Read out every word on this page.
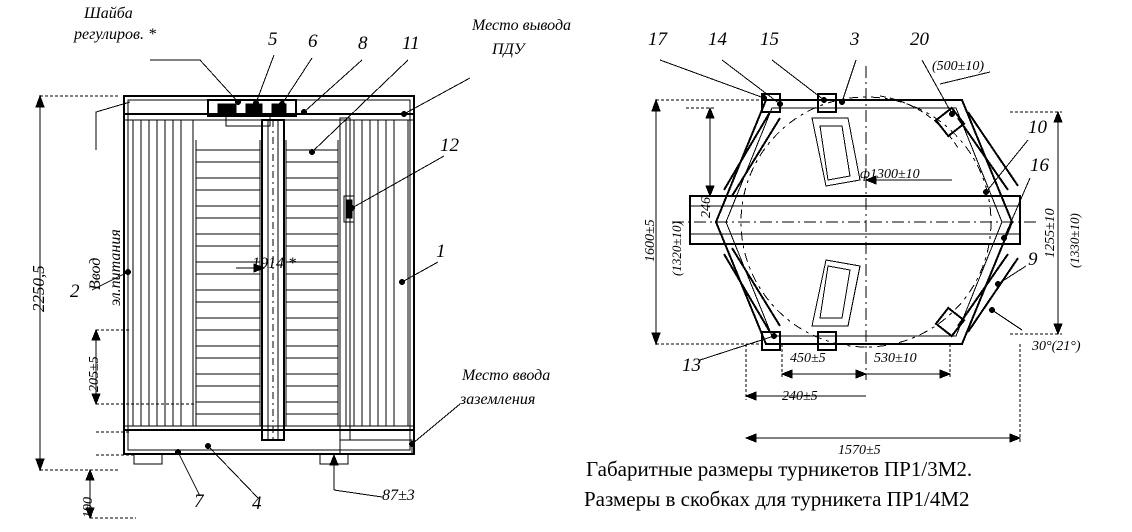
Шайба
регулиров. *
Ввод эл.питания
Место вывода
ПДУ
Место ввода
заземления
5 6 8 11
12
1
2
7	4
2250,5
205±5
190
1914 *
87±3
17 14 15	3	20
10
16
9
13
(500±10)
ф1300±10
1600±5 (1320±10)
246
1255±10 (1330±10)
450±5	530±10
240±5
1570±5
30°(21°)
Габаритные размеры турникетов ПР1/3М2.
Размеры в скобках для турникета ПР1/4М2
